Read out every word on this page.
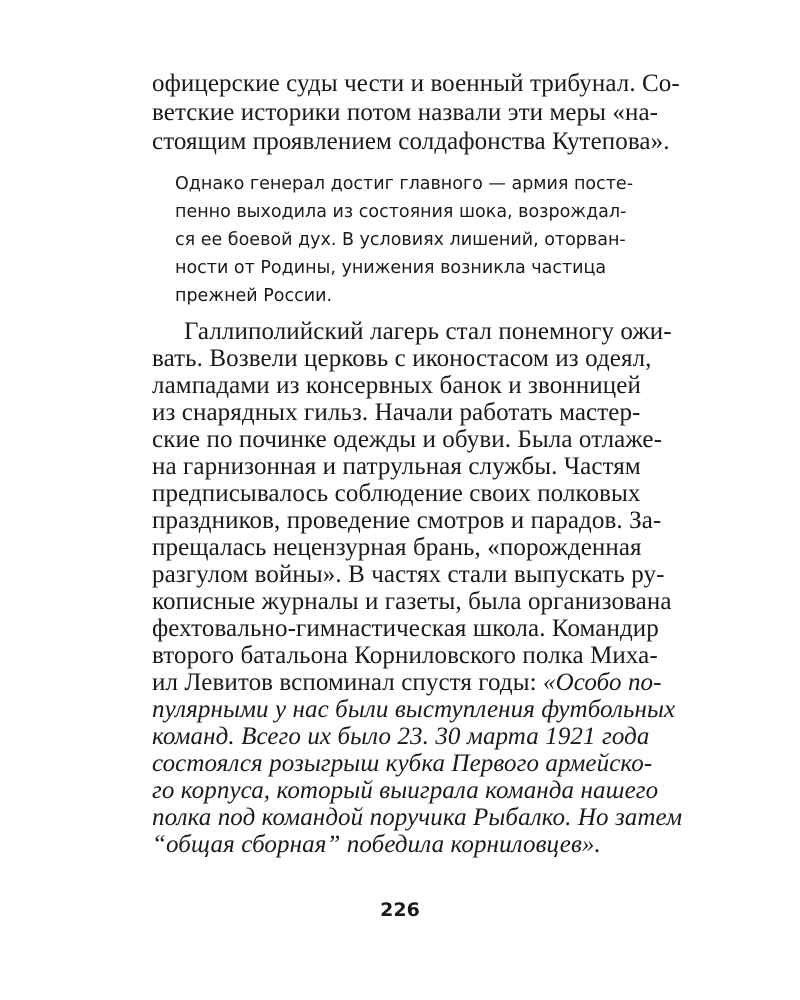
офицерские суды чести и военный трибунал. Со-

ветские историки потом назвали эти меры «на-

стоящим проявлением солдафонства Кутепова».

Однако генерал достиг главного — армия посте-

пенно выходила из состояния шока, возрождал-

ся ее боевой дух. В условиях лишений, оторван-

ности от Родины, унижения возникла частица

прежней России.

Галлиполийский лагерь стал понемногу ожи-

вать. Возвели церковь с иконостасом из одеял,

лампадами из консервных банок и звонницей

из снарядных гильз. Начали работать мастер-

ские по починке одежды и обуви. Была отлаже-

на гарнизонная и патрульная службы. Частям

предписывалось соблюдение своих полковых

праздников, проведение смотров и парадов. За-

прещалась нецензурная брань, «порожденная

разгулом войны». В частях стали выпускать ру-

кописные журналы и газеты, была организована

фехтовально-гимнастическая школа. Командир

второго батальона Корниловского полка Миха-

ил Левитов вспоминал спустя годы: «Особо по-

пулярными у нас были выступления футбольных

команд. Всего их было 23. 30 марта 1921 года

состоялся розыгрыш кубка Первого армейско-

го корпуса, который выиграла команда нашего

полка под командой поручика Рыбалко. Но затем

“общая сборная” победила корниловцев».

226
